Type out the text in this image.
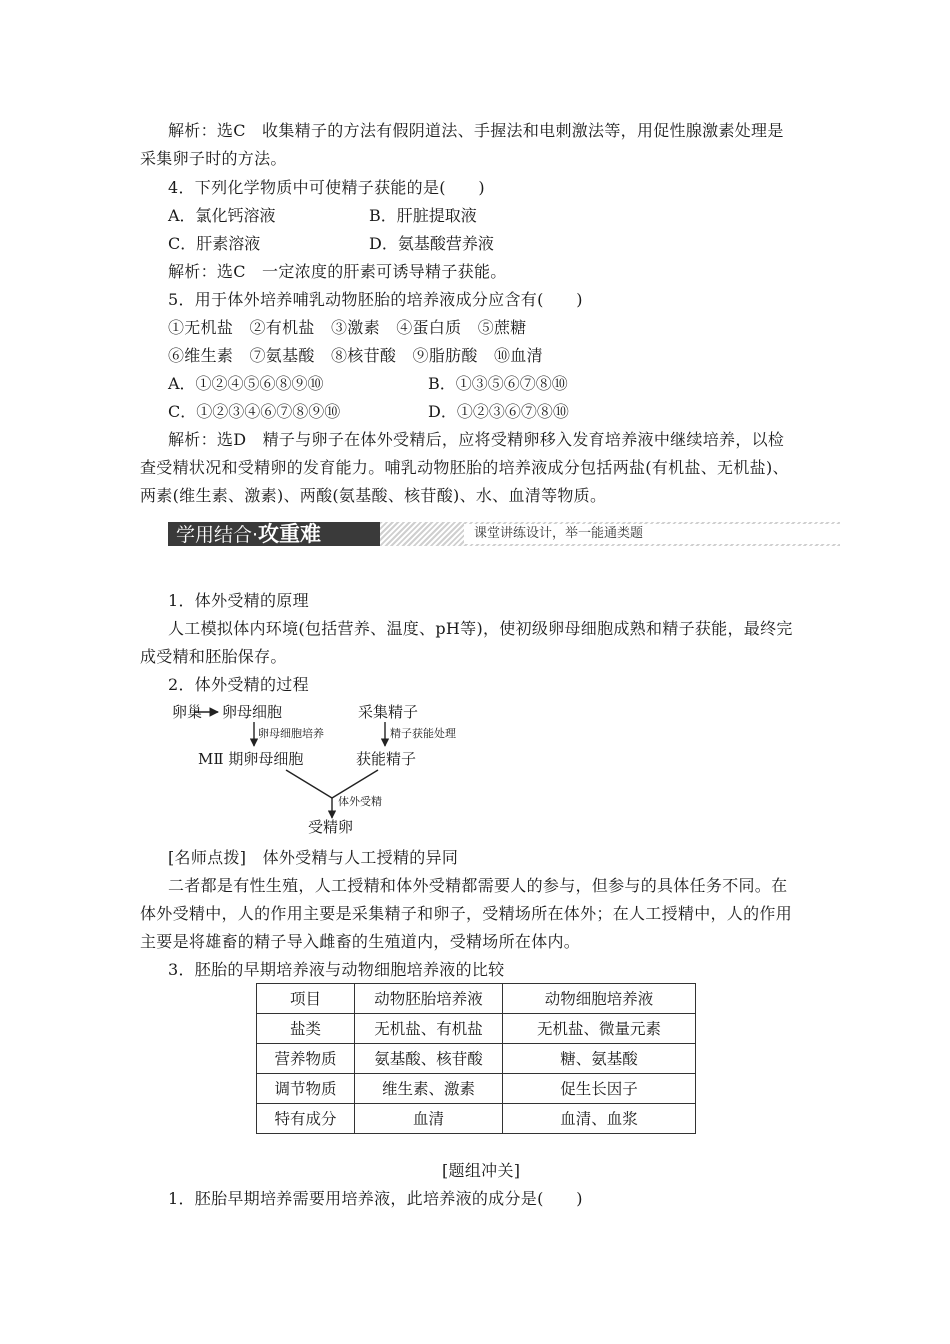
解析：选C　收集精子的方法有假阴道法、手握法和电刺激法等，用促性腺激素处理是
采集卵子时的方法。
4．下列化学物质中可使精子获能的是(　　)
A．氯化钙溶液	B．肝脏提取液
C．肝素溶液	D．氨基酸营养液
解析：选C　一定浓度的肝素可诱导精子获能。
5．用于体外培养哺乳动物胚胎的培养液成分应含有(　　)
①无机盐　②有机盐　③激素　④蛋白质　⑤蔗糖
⑥维生素　⑦氨基酸　⑧核苷酸　⑨脂肪酸　⑩血清
A．①②④⑤⑥⑧⑨⑩	B．①③⑤⑥⑦⑧⑩
C．①②③④⑥⑦⑧⑨⑩	D．①②③⑥⑦⑧⑩
解析：选D　精子与卵子在体外受精后，应将受精卵移入发育培养液中继续培养，以检
查受精状况和受精卵的发育能力。哺乳动物胚胎的培养液成分包括两盐(有机盐、无机盐)、
两素(维生素、激素)、两酸(氨基酸、核苷酸)、水、血清等物质。
学用结合·攻重难	课堂讲练设计，举一能通类题
1．体外受精的原理
人工模拟体内环境(包括营养、温度、pH等)，使初级卵母细胞成熟和精子获能，最终完
成受精和胚胎保存。
2．体外受精的过程
卵巢 卵母细胞
卵母细胞培养
MⅡ 期卵母细胞
采集精子
精子获能处理
获能精子
体外受精
受精卵
[名师点拨]　体外受精与人工授精的异同
二者都是有性生殖，人工授精和体外受精都需要人的参与，但参与的具体任务不同。在
体外受精中，人的作用主要是采集精子和卵子，受精场所在体外；在人工授精中，人的作用
主要是将雄畜的精子导入雌畜的生殖道内，受精场所在体内。
3．胚胎的早期培养液与动物细胞培养液的比较
项目	动物胚胎培养液	动物细胞培养液
盐类	无机盐、有机盐	无机盐、微量元素
营养物质	氨基酸、核苷酸	糖、氨基酸
调节物质	维生素、激素	促生长因子
特有成分	血清	血清、血浆
[题组冲关]
1．胚胎早期培养需要用培养液，此培养液的成分是(　　)
